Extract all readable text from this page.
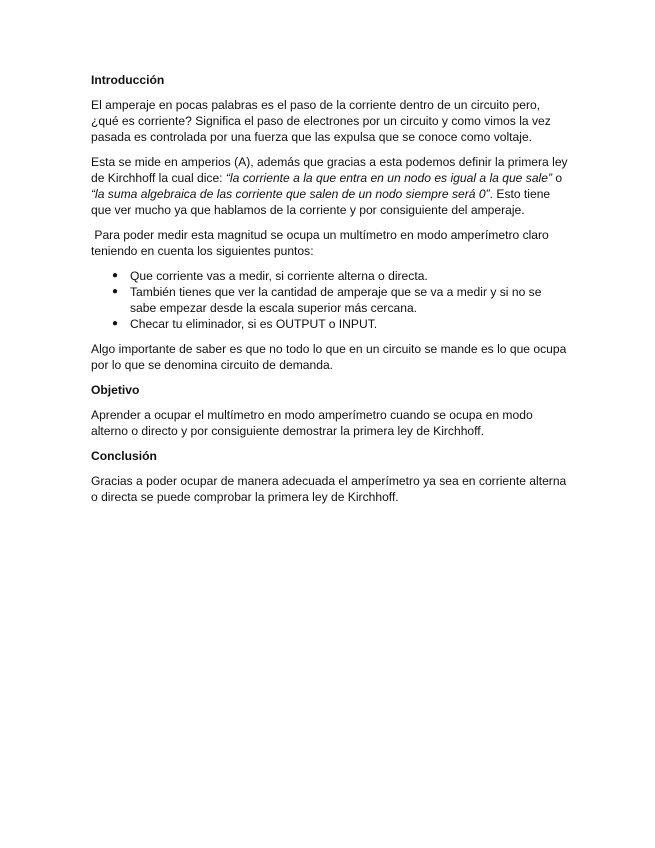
Introducción

El amperaje en pocas palabras es el paso de la corriente dentro de un circuito pero, ¿qué es corriente? Significa el paso de electrones por un circuito y como vimos la vez pasada es controlada por una fuerza que las expulsa que se conoce como voltaje.

Esta se mide en amperios (A), además que gracias a esta podemos definir la primera ley de Kirchhoff la cual dice: “la corriente a la que entra en un nodo es igual a la que sale” o “la suma algebraica de las corriente que salen de un nodo siempre será 0”. Esto tiene que ver mucho ya que hablamos de la corriente y por consiguiente del amperaje.

Para poder medir esta magnitud se ocupa un multímetro en modo amperímetro claro teniendo en cuenta los siguientes puntos:

● Que corriente vas a medir, si corriente alterna o directa.
● También tienes que ver la cantidad de amperaje que se va a medir y si no se sabe empezar desde la escala superior más cercana.
● Checar tu eliminador, si es OUTPUT o INPUT.

Algo importante de saber es que no todo lo que en un circuito se mande es lo que ocupa por lo que se denomina circuito de demanda.

Objetivo

Aprender a ocupar el multímetro en modo amperímetro cuando se ocupa en modo alterno o directo y por consiguiente demostrar la primera ley de Kirchhoff.

Conclusión

Gracias a poder ocupar de manera adecuada el amperímetro ya sea en corriente alterna o directa se puede comprobar la primera ley de Kirchhoff.
